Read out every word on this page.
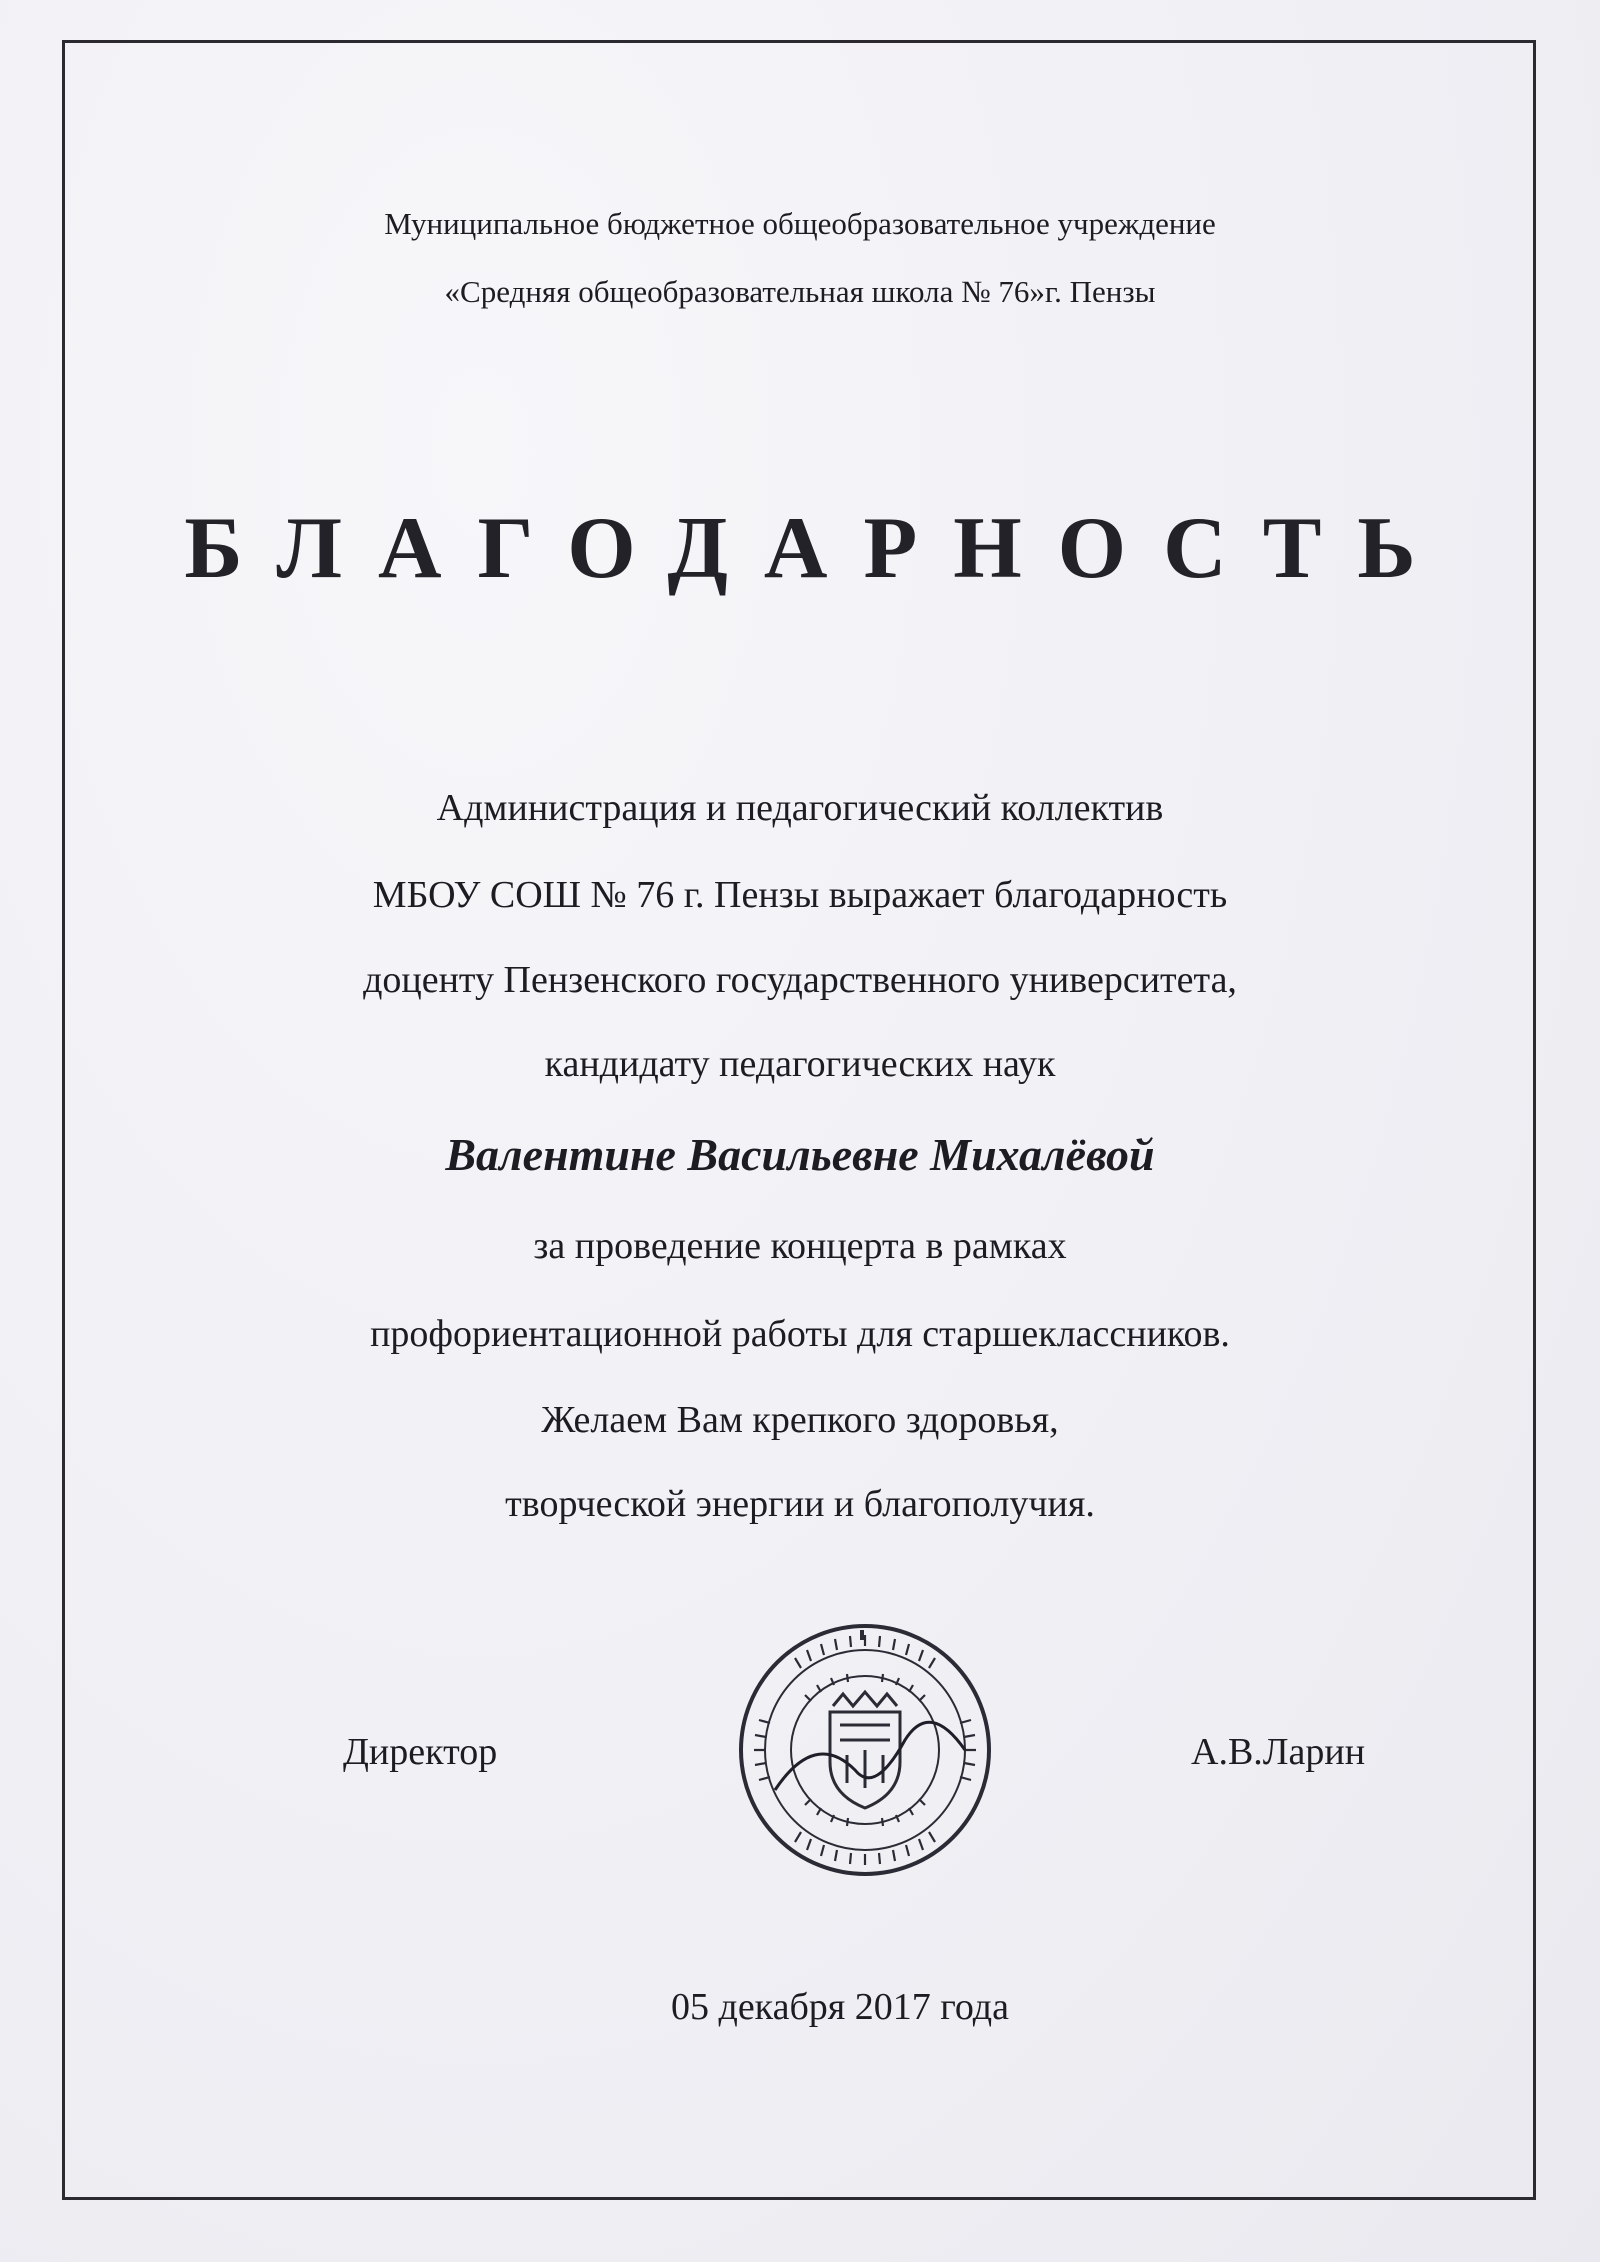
Муниципальное бюджетное общеобразовательное учреждение
«Средняя общеобразовательная школа № 76»г. Пензы
БЛАГОДАРНОСТЬ
Администрация и педагогический коллектив
МБОУ СОШ № 76 г. Пензы выражает благодарность
доценту Пензенского государственного университета,
кандидату педагогических наук
Валентине Васильевне Михалёвой
за проведение концерта в рамках
профориентационной работы для старшеклассников.
Желаем Вам крепкого здоровья,
творческой энергии и благополучия.
Директор	А.В.Ларин
05 декабря 2017 года
